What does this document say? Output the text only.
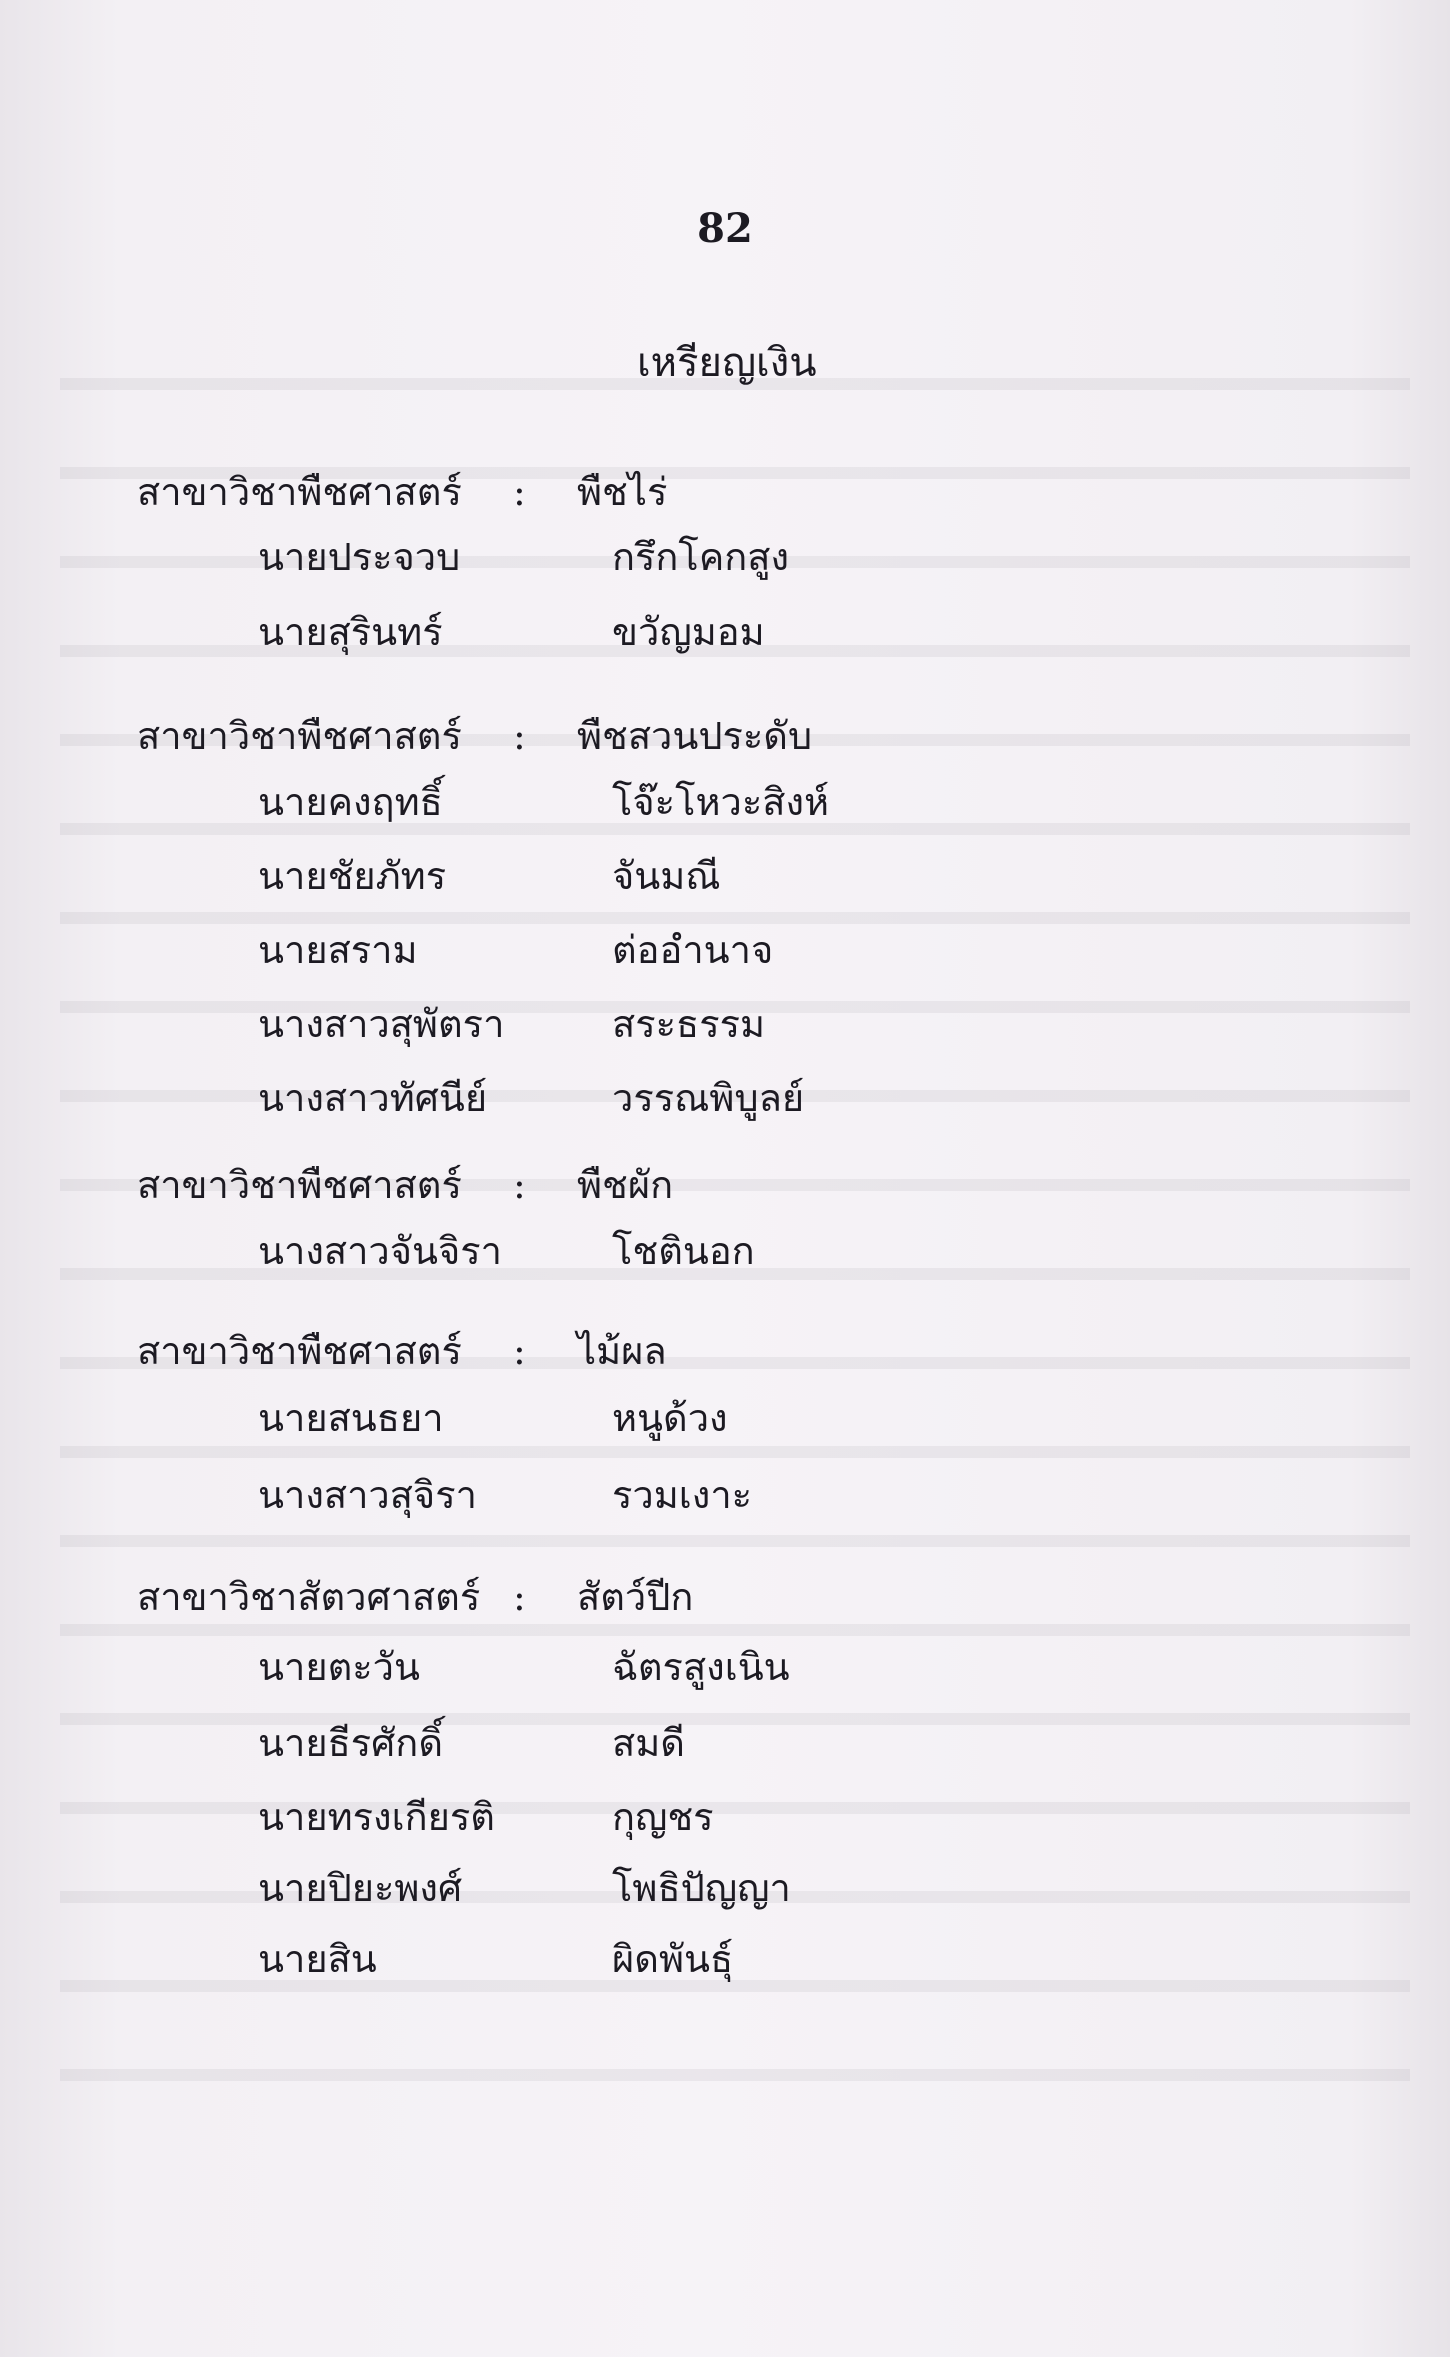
82
เหรียญเงิน
สาขาวิชาพืชศาสตร์ : พืชไร่
นายประจวบ	กรึกโคกสูง
นายสุรินทร์	ขวัญมอม
สาขาวิชาพืชศาสตร์ : พืชสวนประดับ
นายคงฤทธิ์	โจ๊ะโหวะสิงห์
นายชัยภัทร	จันมณี
นายสราม	ต่ออำนาจ
นางสาวสุพัตรา	สระธรรม
นางสาวทัศนีย์	วรรณพิบูลย์
สาขาวิชาพืชศาสตร์ : พืชผัก
นางสาวจันจิรา	โชตินอก
สาขาวิชาพืชศาสตร์ : ไม้ผล
นายสนธยา	หนูด้วง
นางสาวสุจิรา	รวมเงาะ
สาขาวิชาสัตวศาสตร์ : สัตว์ปีก
นายตะวัน	ฉัตรสูงเนิน
นายธีรศักดิ์	สมดี
นายทรงเกียรติ	กุญชร
นายปิยะพงศ์	โพธิปัญญา
นายสิน	ผิดพันธุ์
